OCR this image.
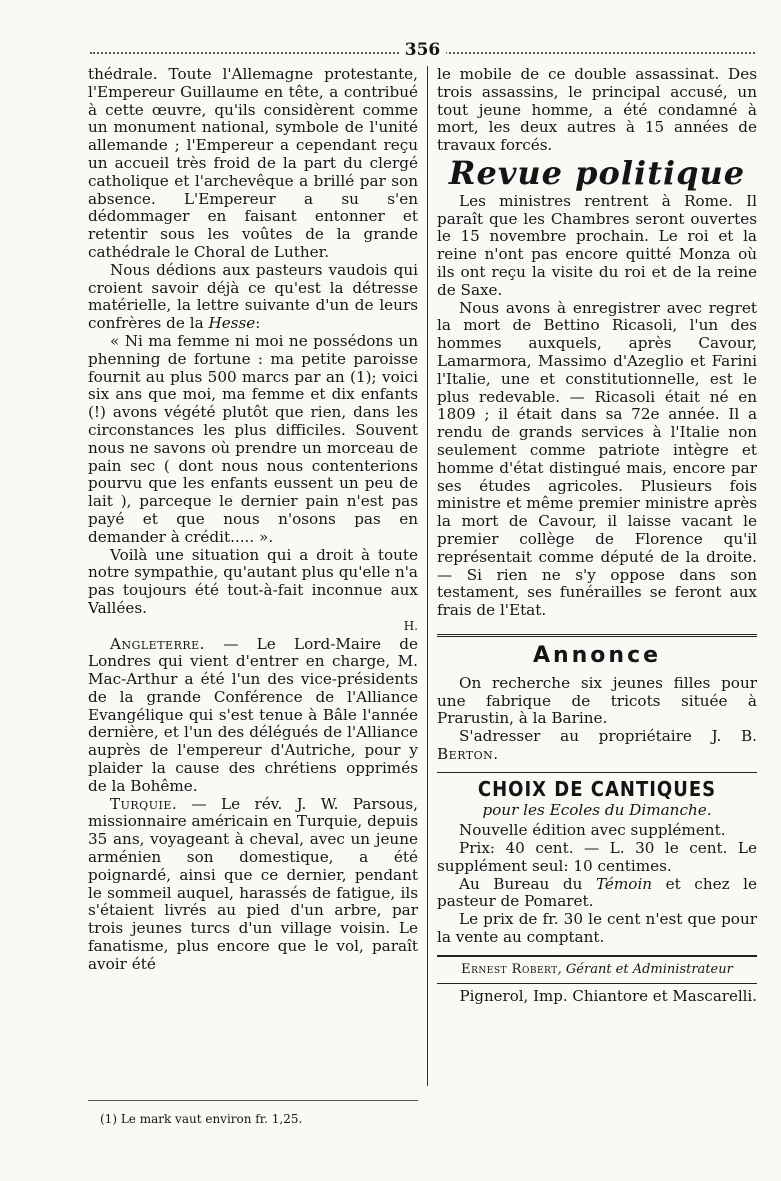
356

thédrale. Toute l'Allemagne protestante, l'Empereur Guillaume en tête, a contribué à cette œuvre, qu'ils considèrent comme un monument national, symbole de l'unité allemande ; l'Empereur a cependant reçu un accueil très froid de la part du clergé catholique et l'archevêque a brillé par son absence. L'Empereur a su s'en dédommager en faisant entonner et retentir sous les voûtes de la grande cathédrale le Choral de Luther.

Nous dédions aux pasteurs vaudois qui croient savoir déjà ce qu'est la détresse matérielle, la lettre suivante d'un de leurs confrères de la Hesse:

« Ni ma femme ni moi ne possédons un phenning de fortune : ma petite paroisse fournit au plus 500 marcs par an (1); voici six ans que moi, ma femme et dix enfants (!) avons végété plutôt que rien, dans les circonstances les plus difficiles. Souvent nous ne savons où prendre un morceau de pain sec ( dont nous nous contenterions pourvu que les enfants eussent un peu de lait ), parceque le dernier pain n'est pas payé et que nous n'osons pas en demander à crédit..... ».

Voilà une situation qui a droit à toute notre sympathie, qu'autant plus qu'elle n'a pas toujours été tout-à-fait inconnue aux Vallées.

H.

Angleterre. — Le Lord-Maire de Londres qui vient d'entrer en charge, M. Mac-Arthur a été l'un des vice-présidents de la grande Conférence de l'Alliance Evangélique qui s'est tenue à Bâle l'année dernière, et l'un des délégués de l'Alliance auprès de l'empereur d'Autriche, pour y plaider la cause des chrétiens opprimés de la Bohême.

Turquie. — Le rév. J. W. Parsous, missionnaire américain en Turquie, depuis 35 ans, voyageant à cheval, avec un jeune arménien son domestique, a été poignardé, ainsi que ce dernier, pendant le sommeil auquel, harassés de fatigue, ils s'étaient livrés au pied d'un arbre, par trois jeunes turcs d'un village voisin. Le fanatisme, plus encore que le vol, paraît avoir été

(1) Le mark vaut environ fr. 1,25.

le mobile de ce double assassinat. Des trois assassins, le principal accusé, un tout jeune homme, a été condamné à mort, les deux autres à 15 années de travaux forcés.

Revue politique

Les ministres rentrent à Rome. Il paraît que les Chambres seront ouvertes le 15 novembre prochain. Le roi et la reine n'ont pas encore quitté Monza où ils ont reçu la visite du roi et de la reine de Saxe.

Nous avons à enregistrer avec regret la mort de Bettino Ricasoli, l'un des hommes auxquels, après Cavour, Lamarmora, Massimo d'Azeglio et Farini l'Italie, une et constitutionnelle, est le plus redevable. — Ricasoli était né en 1809 ; il était dans sa 72e année. Il a rendu de grands services à l'Italie non seulement comme patriote intègre et homme d'état distingué mais, encore par ses études agricoles. Plusieurs fois ministre et même premier ministre après la mort de Cavour, il laisse vacant le premier collège de Florence qu'il représentait comme député de la droite. — Si rien ne s'y oppose dans son testament, ses funérailles se feront aux frais de l'Etat.

Annonce

On recherche six jeunes filles pour une fabrique de tricots située à Prarustin, à la Barine.

S'adresser au propriétaire J. B. Berton.

CHOIX DE CANTIQUES
pour les Ecoles du Dimanche.

Nouvelle édition avec supplément.

Prix: 40 cent. — L. 30 le cent. Le supplément seul: 10 centimes.

Au Bureau du Témoin et chez le pasteur de Pomaret.

Le prix de fr. 30 le cent n'est que pour la vente au comptant.

Ernest Robert, Gérant et Administrateur
Pignerol, Imp. Chiantore et Mascarelli.
